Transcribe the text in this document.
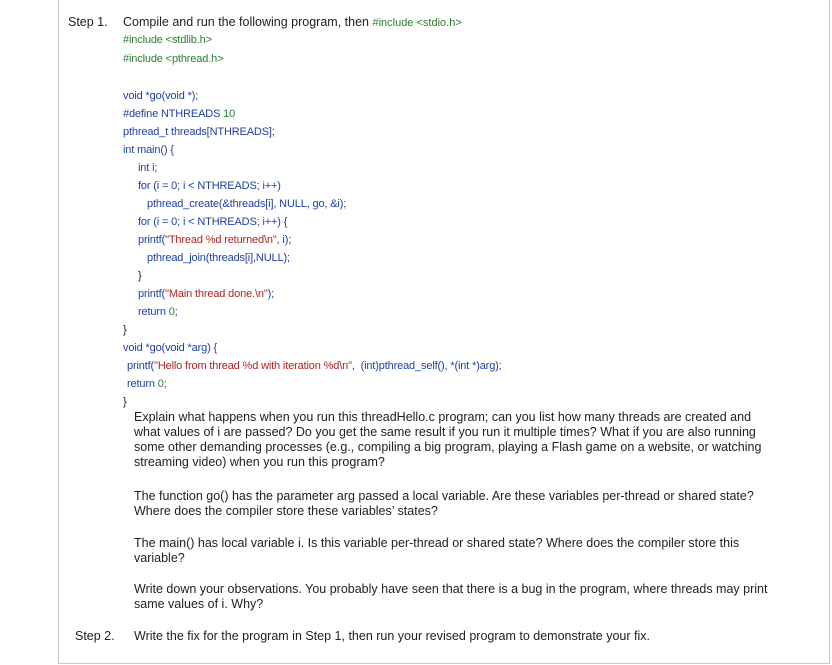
Step 1. Compile and run the following program, then #include <stdio.h>
#include <stdlib.h>
#include <pthread.h>
void *go(void *);
#define NTHREADS 10
pthread_t threads[NTHREADS];
int main() {
int i;
for (i = 0; i < NTHREADS; i++)
pthread_create(&threads[i], NULL, go, &i);
for (i = 0; i < NTHREADS; i++) {
printf("Thread %d returned\n", i);
pthread_join(threads[i],NULL);
}
printf("Main thread done.\n");
return 0;
}
void *go(void *arg) {
printf("Hello from thread %d with iteration %d\n",  (int)pthread_self(), *(int *)arg);
return 0;
}
Explain what happens when you run this threadHello.c program; can you list how many threads are created and what values of i are passed? Do you get the same result if you run it multiple times? What if you are also running some other demanding processes (e.g., compiling a big program, playing a Flash game on a website, or watching streaming video) when you run this program?
The function go() has the parameter arg passed a local variable. Are these variables per-thread or shared state? Where does the compiler store these variables’ states?
The main() has local variable i. Is this variable per-thread or shared state? Where does the compiler store this variable?
Write down your observations. You probably have seen that there is a bug in the program, where threads may print same values of i. Why?
Step 2. Write the fix for the program in Step 1, then run your revised program to demonstrate your fix.
